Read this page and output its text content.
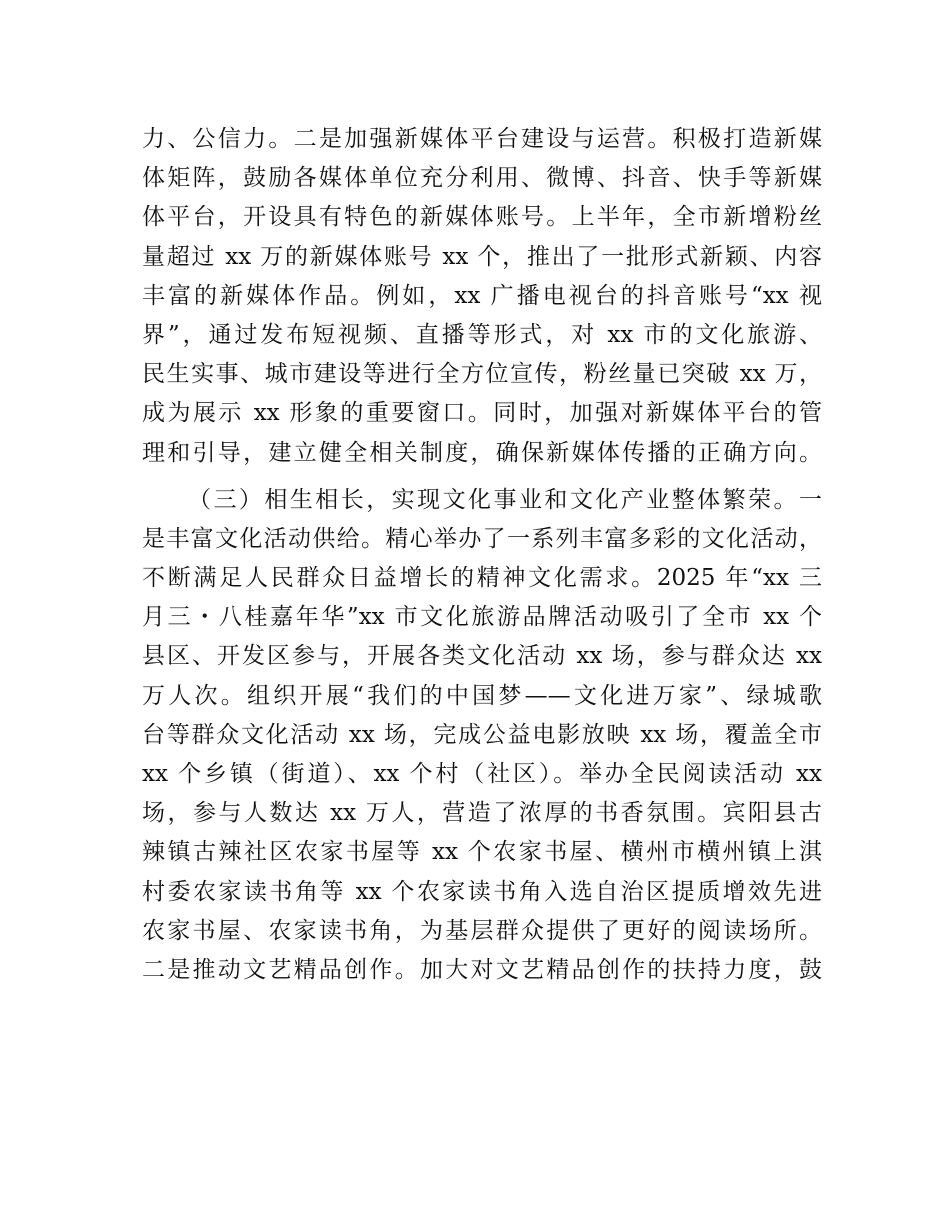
力、公信力。二是加强新媒体平台建设与运营。积极打造新媒
体矩阵，鼓励各媒体单位充分利用、微博、抖音、快手等新媒
体平台，开设具有特色的新媒体账号。上半年，全市新增粉丝
量超过 xx 万的新媒体账号 xx 个，推出了一批形式新颖、内容
丰富的新媒体作品。例如，xx 广播电视台的抖音账号“xx 视
界”，通过发布短视频、直播等形式，对 xx 市的文化旅游、
民生实事、城市建设等进行全方位宣传，粉丝量已突破 xx 万，
成为展示 xx 形象的重要窗口。同时，加强对新媒体平台的管
理和引导，建立健全相关制度，确保新媒体传播的正确方向。
（三）相生相长，实现文化事业和文化产业整体繁荣。一
是丰富文化活动供给。精心举办了一系列丰富多彩的文化活动，
不断满足人民群众日益增长的精神文化需求。2025 年“xx 三
月三・八桂嘉年华”xx 市文化旅游品牌活动吸引了全市 xx 个
县区、开发区参与，开展各类文化活动 xx 场，参与群众达 xx
万人次。组织开展“我们的中国梦——文化进万家”、绿城歌
台等群众文化活动 xx 场，完成公益电影放映 xx 场，覆盖全市
xx 个乡镇（街道）、xx 个村（社区）。举办全民阅读活动 xx
场，参与人数达 xx 万人，营造了浓厚的书香氛围。宾阳县古
辣镇古辣社区农家书屋等 xx 个农家书屋、横州市横州镇上淇
村委农家读书角等 xx 个农家读书角入选自治区提质增效先进
农家书屋、农家读书角，为基层群众提供了更好的阅读场所。
二是推动文艺精品创作。加大对文艺精品创作的扶持力度，鼓
